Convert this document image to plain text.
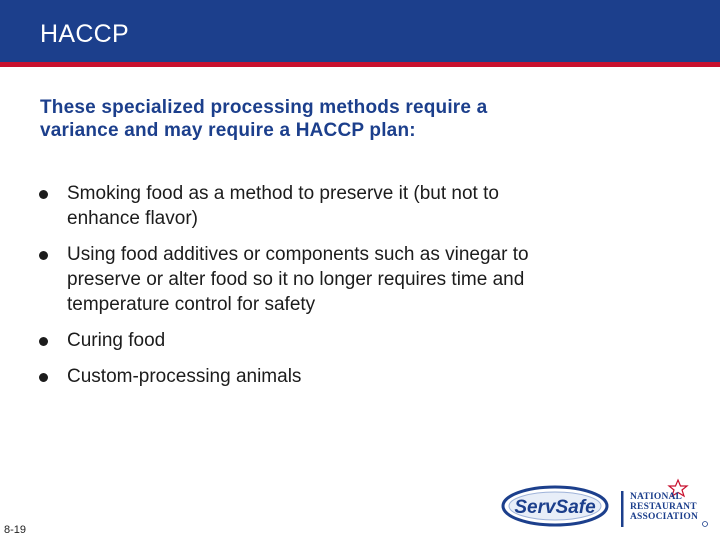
HACCP
These specialized processing methods require a variance and may require a HACCP plan:
Smoking food as a method to preserve it (but not to enhance flavor)
Using food additives or components such as vinegar to preserve or alter food so it no longer requires time and temperature control for safety
Curing food
Custom-processing animals
8-19
ServSafe	NATIONAL
RESTAURANT
ASSOCIATION
